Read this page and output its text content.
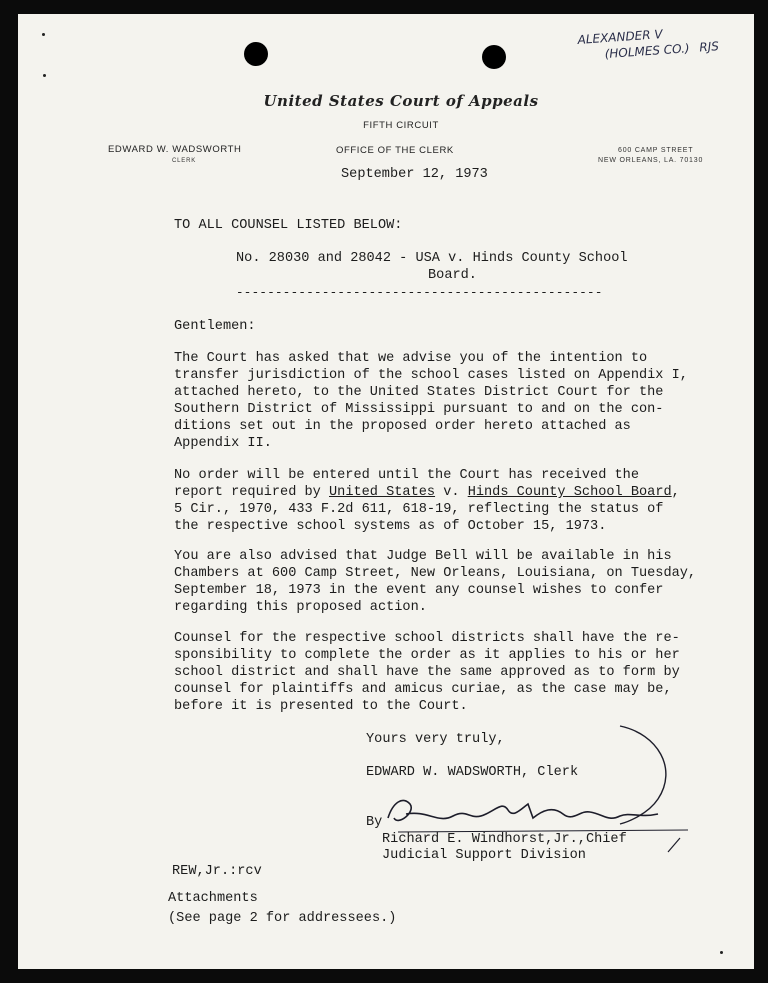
ALEXANDER V
(HOLMES CO.) RJS
United States Court of Appeals
FIFTH CIRCUIT
EDWARD W. WADSWORTH
CLERK
OFFICE OF THE CLERK	600 CAMP STREET
NEW ORLEANS, LA. 70130
September 12, 1973
TO ALL COUNSEL LISTED BELOW:
No. 28030 and 28042 - USA v. Hinds County School
Board.
-----------------------------------------------
Gentlemen:
The Court has asked that we advise you of the intention to
transfer jurisdiction of the school cases listed on Appendix I,
attached hereto, to the United States District Court for the
Southern District of Mississippi pursuant to and on the con-
ditions set out in the proposed order hereto attached as
Appendix II.
No order will be entered until the Court has received the
report required by United States v. Hinds County School Board,
5 Cir., 1970, 433 F.2d 611, 618-19, reflecting the status of
the respective school systems as of October 15, 1973.
You are also advised that Judge Bell will be available in his
Chambers at 600 Camp Street, New Orleans, Louisiana, on Tuesday,
September 18, 1973 in the event any counsel wishes to confer
regarding this proposed action.
Counsel for the respective school districts shall have the re-
sponsibility to complete the order as it applies to his or her
school district and shall have the same approved as to form by
counsel for plaintiffs and amicus curiae, as the case may be,
before it is presented to the Court.
Yours very truly,
EDWARD W. WADSWORTH, Clerk
By
Richard E. Windhorst,Jr.,Chief
Judicial Support Division
REW,Jr.:rcv
Attachments
(See page 2 for addressees.)
